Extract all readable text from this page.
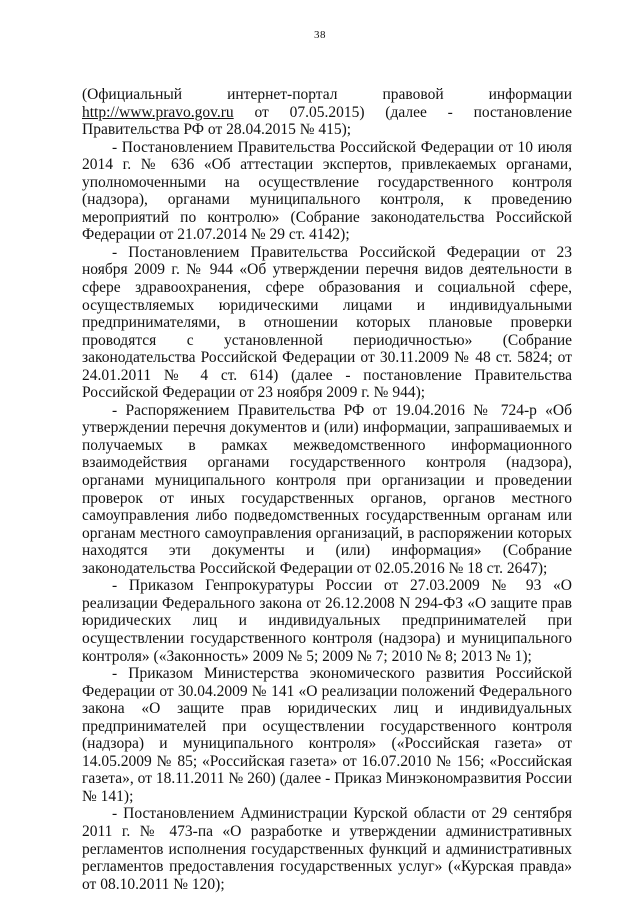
38

(Официальный интернет-портал правовой информации http://www.pravo.gov.ru от 07.05.2015) (далее - постановление Правительства РФ от 28.04.2015 № 415);

- Постановлением Правительства Российской Федерации от 10 июля 2014 г. № 636 «Об аттестации экспертов, привлекаемых органами, уполномоченными на осуществление государственного контроля (надзора), органами муниципального контроля, к проведению мероприятий по контролю» (Собрание законодательства Российской Федерации от 21.07.2014 № 29 ст. 4142);

- Постановлением Правительства Российской Федерации от 23 ноября 2009 г. № 944 «Об утверждении перечня видов деятельности в сфере здравоохранения, сфере образования и социальной сфере, осуществляемых юридическими лицами и индивидуальными предпринимателями, в отношении которых плановые проверки проводятся с установленной периодичностью» (Собрание законодательства Российской Федерации от 30.11.2009 № 48 ст. 5824; от 24.01.2011 № 4 ст. 614) (далее - постановление Правительства Российской Федерации от 23 ноября 2009 г. № 944);

- Распоряжением Правительства РФ от 19.04.2016 № 724-р «Об утверждении перечня документов и (или) информации, запрашиваемых и получаемых в рамках межведомственного информационного взаимодействия органами государственного контроля (надзора), органами муниципального контроля при организации и проведении проверок от иных государственных органов, органов местного самоуправления либо подведомственных государственным органам или органам местного самоуправления организаций, в распоряжении которых находятся эти документы и (или) информация» (Собрание законодательства Российской Федерации от 02.05.2016 № 18 ст. 2647);

- Приказом Генпрокуратуры России от 27.03.2009 № 93 «О реализации Федерального закона от 26.12.2008 N 294-ФЗ «О защите прав юридических лиц и индивидуальных предпринимателей при осуществлении государственного контроля (надзора) и муниципального контроля» («Законность» 2009 № 5; 2009 № 7; 2010 № 8; 2013 № 1);

- Приказом Министерства экономического развития Российской Федерации от 30.04.2009 № 141 «О реализации положений Федерального закона «О защите прав юридических лиц и индивидуальных предпринимателей при осуществлении государственного контроля (надзора) и муниципального контроля» («Российская газета» от 14.05.2009 № 85; «Российская газета» от 16.07.2010 № 156; «Российская газета», от 18.11.2011 № 260) (далее - Приказ Минэкономразвития России № 141);

- Постановлением Администрации Курской области от 29 сентября 2011 г. № 473-па «О разработке и утверждении административных регламентов исполнения государственных функций и административных регламентов предоставления государственных услуг» («Курская правда» от 08.10.2011 № 120);
